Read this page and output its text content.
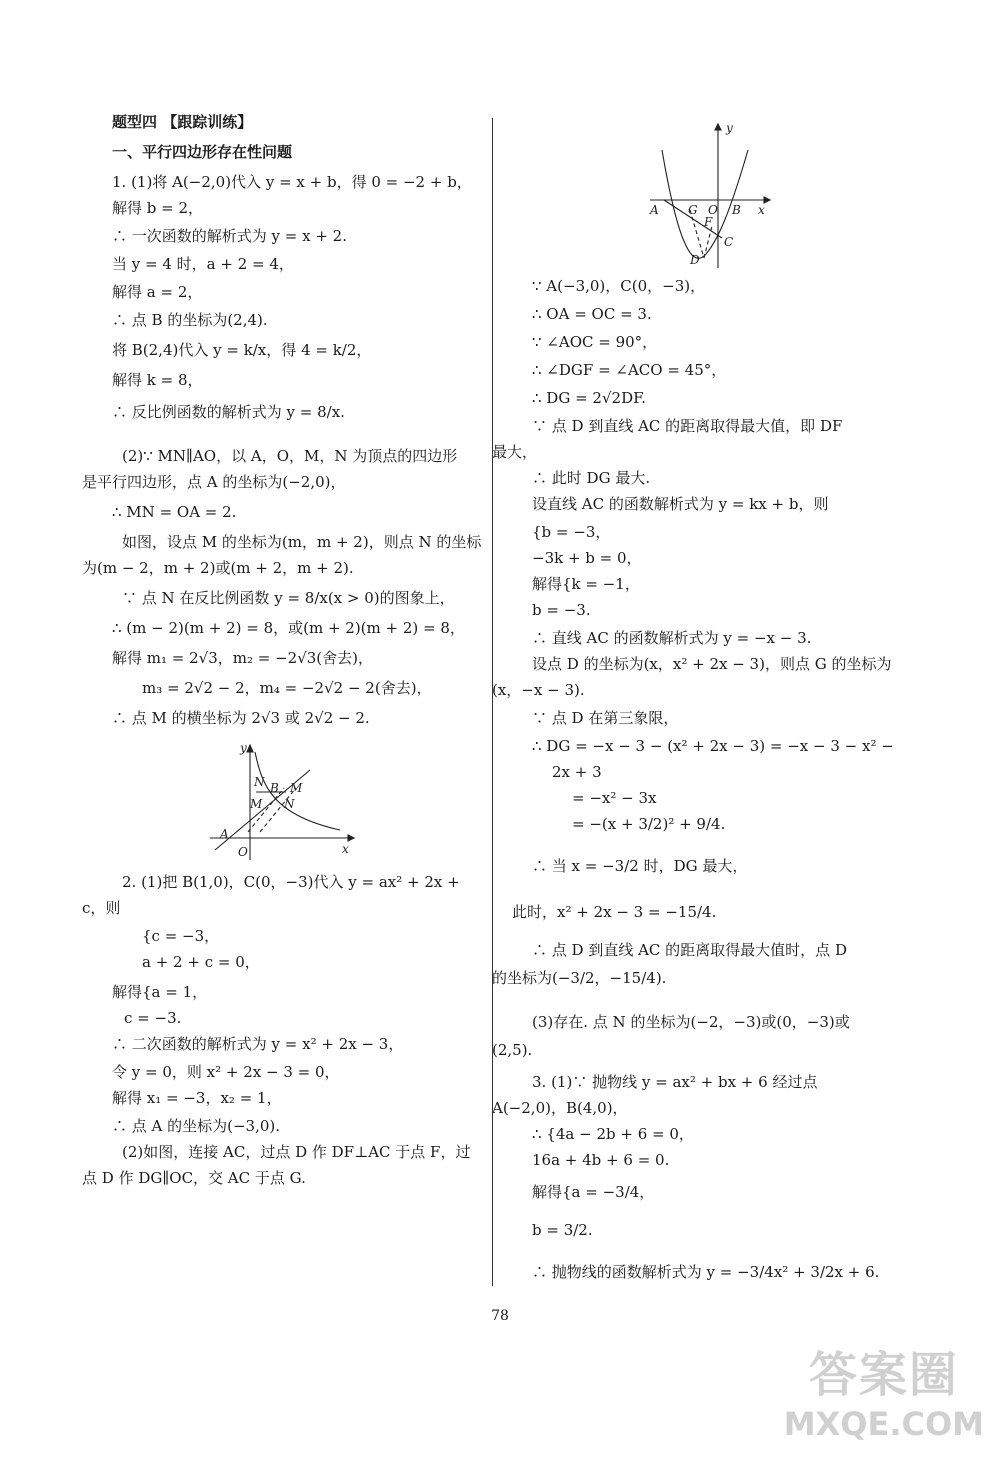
题型四 【跟踪训练】
一、平行四边形存在性问题
1. (1)将 A(−2,0)代入 y = x + b，得 0 = −2 + b，
解得 b = 2，
∴ 一次函数的解析式为 y = x + 2.
当 y = 4 时，a + 2 = 4，
解得 a = 2，
∴ 点 B 的坐标为(2,4).
将 B(2,4)代入 y = k/x，得 4 = k/2，
解得 k = 8，
∴ 反比例函数的解析式为 y = 8/x.
(2)∵ MN∥AO，以 A，O，M，N 为顶点的四边形
是平行四边形，点 A 的坐标为(−2,0)，
∴ MN = OA = 2.
如图，设点 M 的坐标为(m，m + 2)，则点 N 的坐标
为(m − 2，m + 2)或(m + 2，m + 2).
∵ 点 N 在反比例函数 y = 8/x(x > 0)的图象上，
∴ (m − 2)(m + 2) = 8，或(m + 2)(m + 2) = 8，
解得 m₁ = 2√3，m₂ = −2√3(舍去)，
m₃ = 2√2 − 2，m₄ = −2√2 − 2(舍去)，
∴ 点 M 的横坐标为 2√3 或 2√2 − 2.
2. (1)把 B(1,0)，C(0，−3)代入 y = ax² + 2x +
c，则
{c = −3，
a + 2 + c = 0，
解得{a = 1，
c = −3.
∴ 二次函数的解析式为 y = x² + 2x − 3，
令 y = 0，则 x² + 2x − 3 = 0，
解得 x₁ = −3，x₂ = 1，
∴ 点 A 的坐标为(−3,0).
(2)如图，连接 AC，过点 D 作 DF⊥AC 于点 F，过
点 D 作 DG∥OC，交 AC 于点 G.
∵ A(−3,0)，C(0，−3)，
∴ OA = OC = 3.
∵ ∠AOC = 90°，
∴ ∠DGF = ∠ACO = 45°，
∴ DG = 2√2DF.
∵ 点 D 到直线 AC 的距离取得最大值，即 DF
最大，
∴ 此时 DG 最大.
设直线 AC 的函数解析式为 y = kx + b，则
{b = −3，
−3k + b = 0，
解得{k = −1，
b = −3.
∴ 直线 AC 的函数解析式为 y = −x − 3.
设点 D 的坐标为(x，x² + 2x − 3)，则点 G 的坐标为
(x，−x − 3).
∵ 点 D 在第三象限，
∴ DG = −x − 3 − (x² + 2x − 3) = −x − 3 − x² −
2x + 3
= −x² − 3x
= −(x + 3/2)² + 9/4.
∴ 当 x = −3/2 时，DG 最大，
此时，x² + 2x − 3 = −15/4.
∴ 点 D 到直线 AC 的距离取得最大值时，点 D
的坐标为(−3/2，−15/4).
(3)存在. 点 N 的坐标为(−2，−3)或(0，−3)或
(2,5).
3. (1)∵ 抛物线 y = ax² + bx + 6 经过点
A(−2,0)，B(4,0)，
∴ {4a − 2b + 6 = 0，
16a + 4b + 6 = 0.
解得{a = −3/4，
b = 3/2.
∴ 抛物线的函数解析式为 y = −3/4x² + 3/2x + 6.
y
x
O
A
N B M
M N
y
x
A G O B
F
C
D
78
答案圈
MXQE.COM
